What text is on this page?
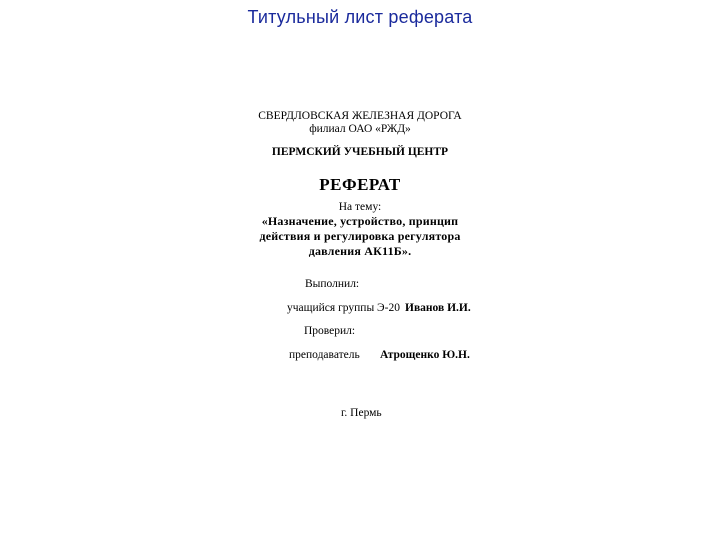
Титульный лист реферата
СВЕРДЛОВСКАЯ ЖЕЛЕЗНАЯ ДОРОГА
филиал ОАО «РЖД»
ПЕРМСКИЙ УЧЕБНЫЙ ЦЕНТР
РЕФЕРАТ
На тему:
«Назначение, устройство, принцип
действия и регулировка регулятора
давления АК11Б».
Выполнил:
учащийся группы Э-20 Иванов И.И.
Проверил:
преподаватель Атрощенко Ю.Н.
г. Пермь
